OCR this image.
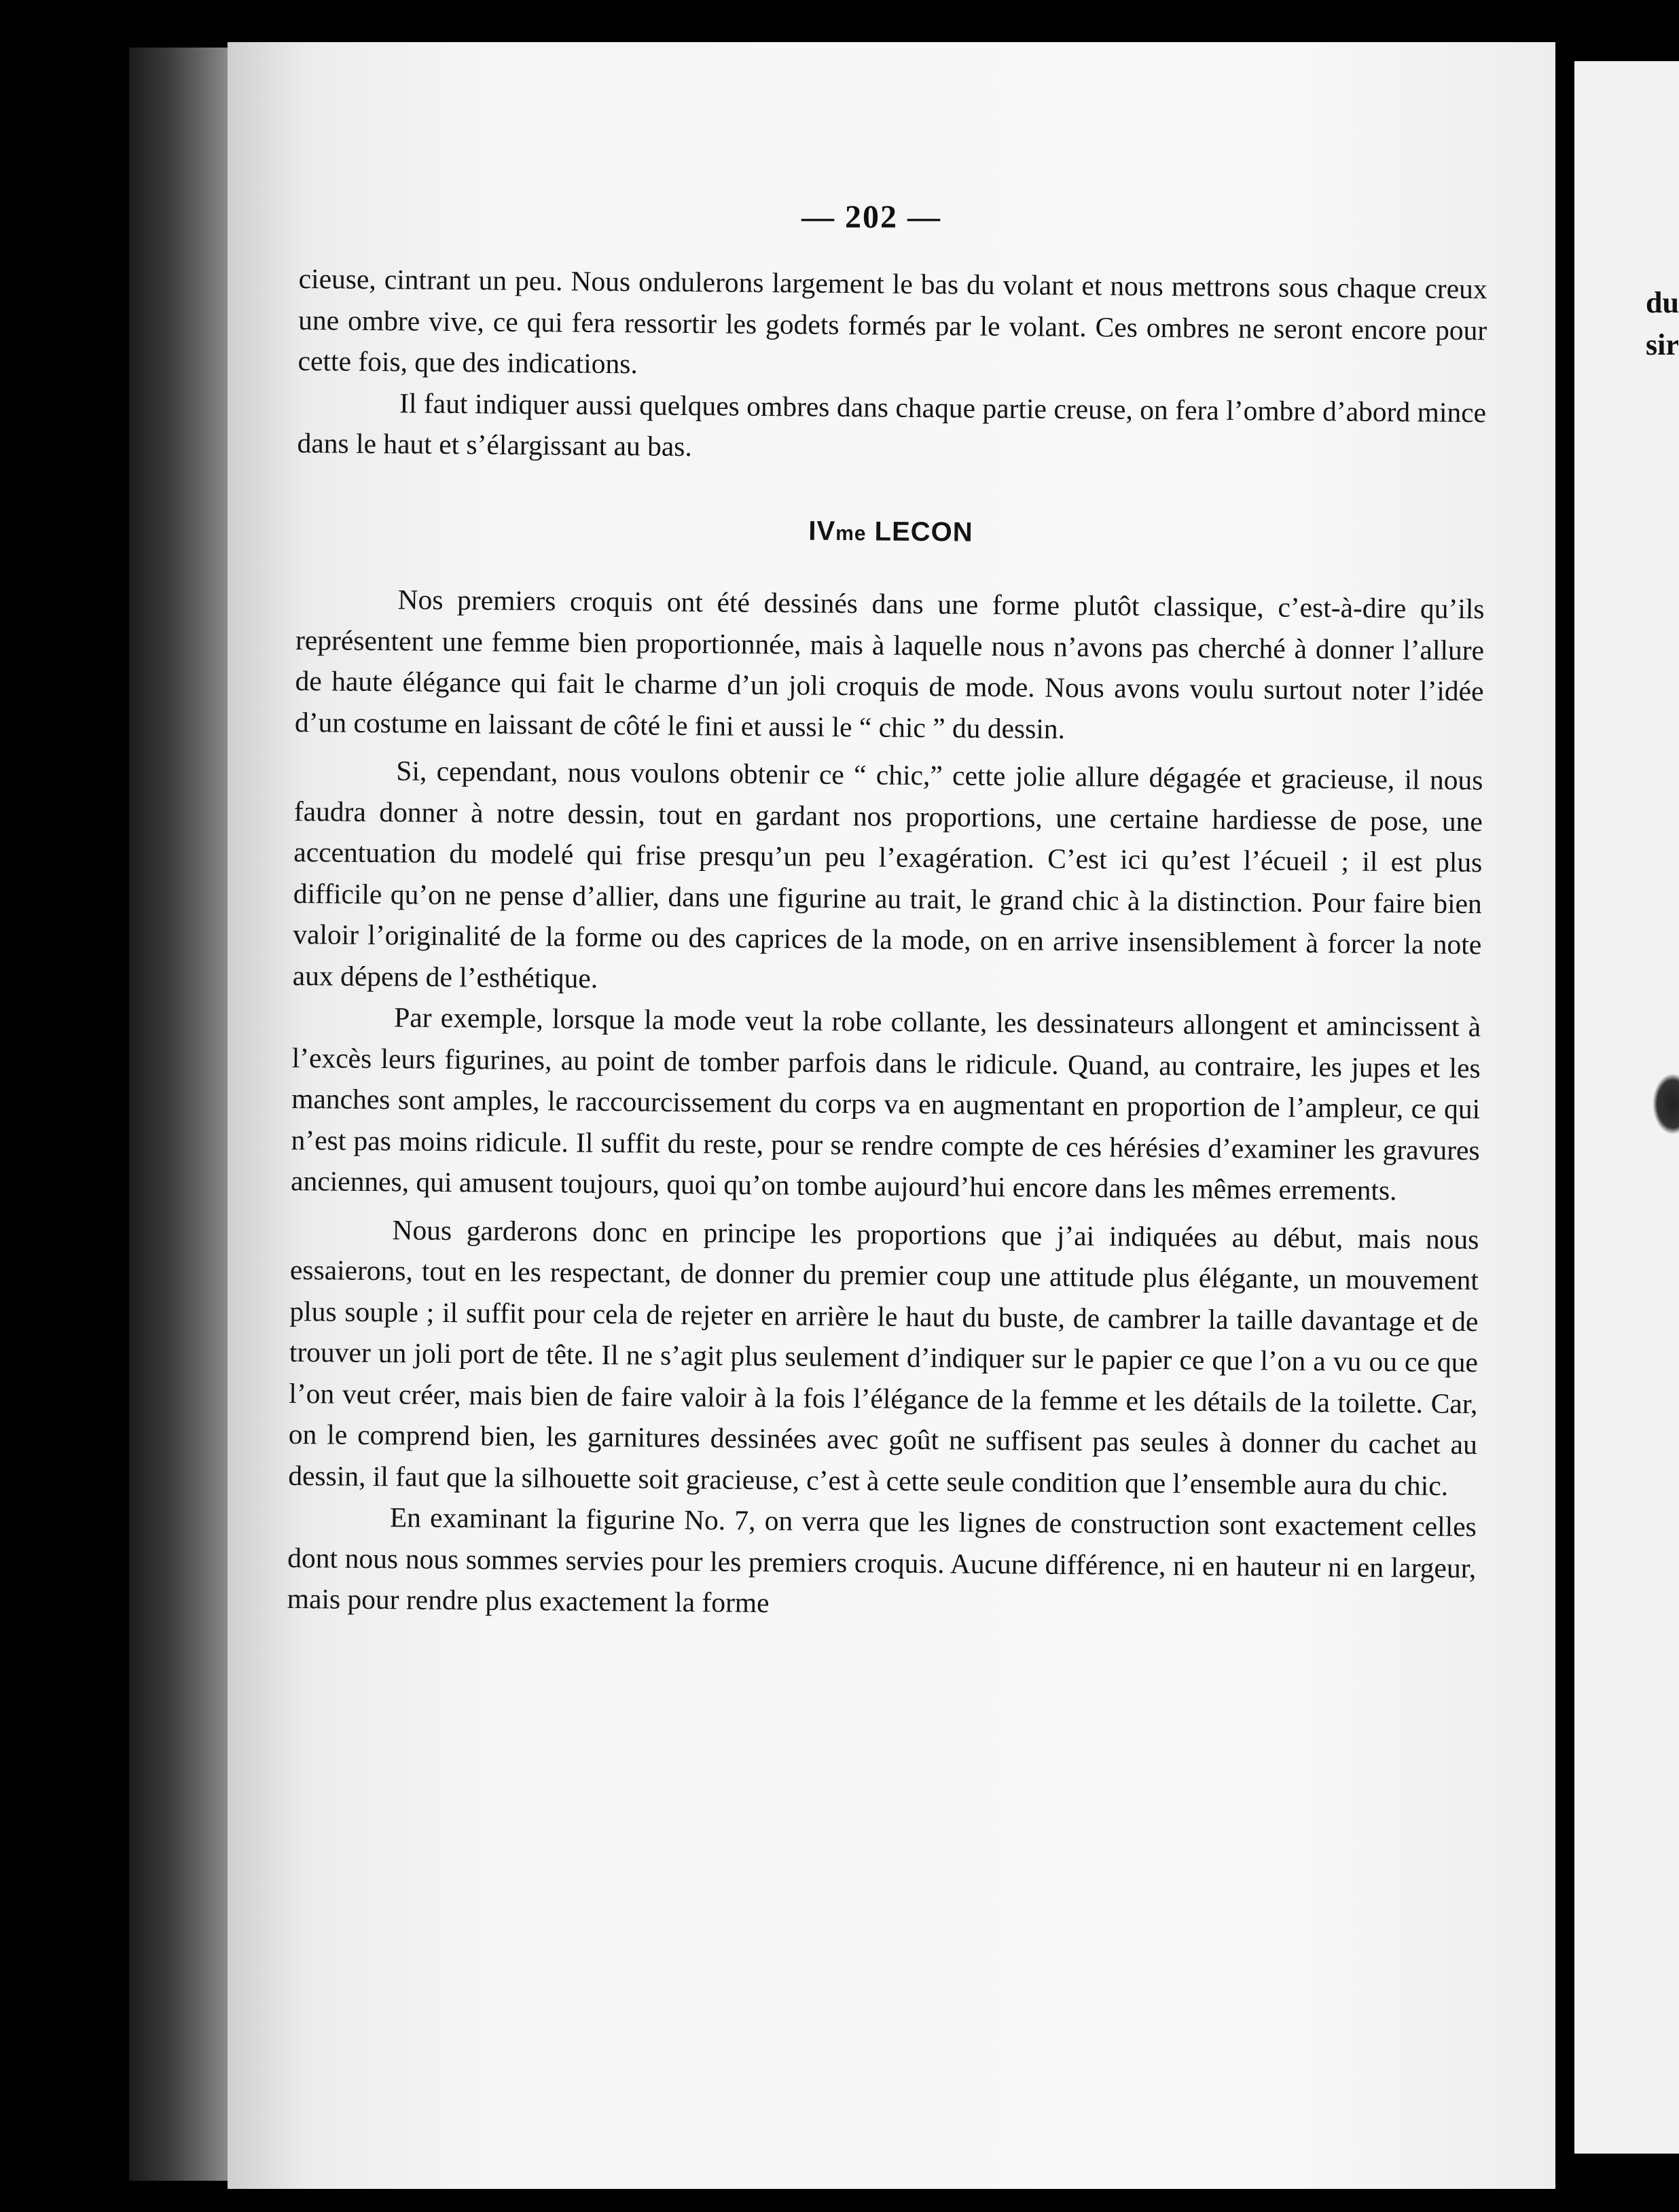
— 202 —

cieuse, cintrant un peu. Nous ondulerons largement le bas du volant et nous mettrons sous chaque creux une ombre vive, ce qui fera ressortir les godets formés par le volant. Ces ombres ne seront encore pour cette fois, que des indications.

Il faut indiquer aussi quelques ombres dans chaque partie creuse, on fera l’ombre d’abord mince dans le haut et s’élargissant au bas.

IVme LECON

Nos premiers croquis ont été dessinés dans une forme plutôt classique, c’est-à-dire qu’ils représentent une femme bien proportionnée, mais à laquelle nous n’avons pas cherché à donner l’allure de haute élégance qui fait le charme d’un joli croquis de mode. Nous avons voulu surtout noter l’idée d’un costume en laissant de côté le fini et aussi le “ chic ” du dessin.

Si, cependant, nous voulons obtenir ce “ chic,” cette jolie allure dégagée et gracieuse, il nous faudra donner à notre dessin, tout en gardant nos proportions, une certaine hardiesse de pose, une accentuation du modelé qui frise presqu’un peu l’exagération. C’est ici qu’est l’écueil ; il est plus difficile qu’on ne pense d’allier, dans une figurine au trait, le grand chic à la distinction. Pour faire bien valoir l’originalité de la forme ou des caprices de la mode, on en arrive insensiblement à forcer la note aux dépens de l’esthétique.

Par exemple, lorsque la mode veut la robe collante, les dessinateurs allongent et amincissent à l’excès leurs figurines, au point de tomber parfois dans le ridicule. Quand, au contraire, les jupes et les manches sont amples, le raccourcissement du corps va en augmentant en proportion de l’ampleur, ce qui n’est pas moins ridicule. Il suffit du reste, pour se rendre compte de ces hérésies d’examiner les gravures anciennes, qui amusent toujours, quoi qu’on tombe aujourd’hui encore dans les mêmes errements.

Nous garderons donc en principe les proportions que j’ai indiquées au début, mais nous essaierons, tout en les respectant, de donner du premier coup une attitude plus élégante, un mouvement plus souple ; il suffit pour cela de rejeter en arrière le haut du buste, de cambrer la taille davantage et de trouver un joli port de tête. Il ne s’agit plus seulement d’indiquer sur le papier ce que l’on a vu ou ce que l’on veut créer, mais bien de faire valoir à la fois l’élégance de la femme et les détails de la toilette. Car, on le comprend bien, les garnitures dessinées avec goût ne suffisent pas seules à donner du cachet au dessin, il faut que la silhouette soit gracieuse, c’est à cette seule condition que l’ensemble aura du chic.

En examinant la figurine No. 7, on verra que les lignes de construction sont exactement celles dont nous nous sommes servies pour les premiers croquis. Aucune différence, ni en hauteur ni en largeur, mais pour rendre plus exactement la forme

du
sir
